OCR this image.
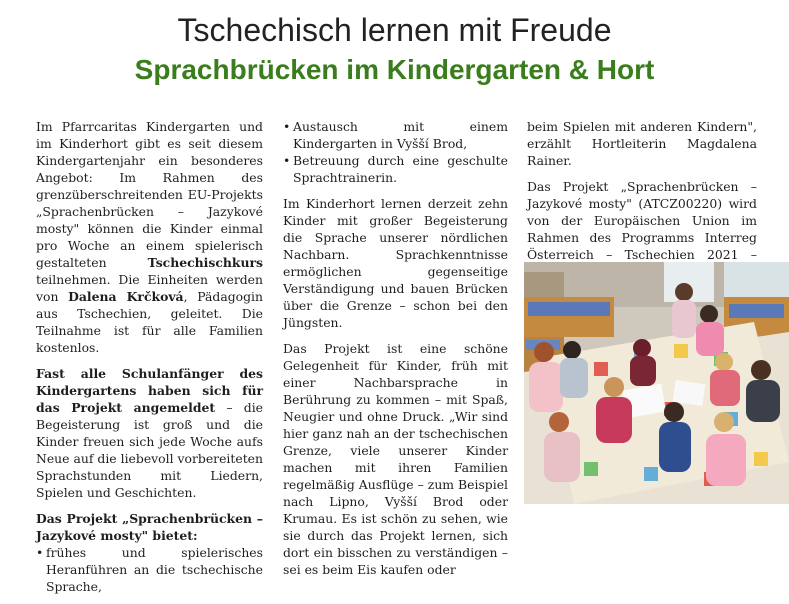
Tschechisch lernen mit Freude
Sprachbrücken im Kindergarten & Hort

Im Pfarrcaritas Kindergarten und im Kinderhort gibt es seit diesem Kindergartenjahr ein besonderes Angebot: Im Rahmen des grenzüberschreitenden EU-Projekts „Sprachenbrücken – Jazykové mosty" können die Kinder einmal pro Woche an einem spielerisch gestalteten Tschechischkurs teilnehmen. Die Einheiten werden von Dalena Krčková, Pädagogin aus Tschechien, geleitet. Die Teilnahme ist für alle Familien kostenlos.

Fast alle Schulanfänger des Kindergartens haben sich für das Projekt angemeldet – die Begeisterung ist groß und die Kinder freuen sich jede Woche aufs Neue auf die liebevoll vorbereiteten Sprachstunden mit Liedern, Spielen und Geschichten.

Das Projekt „Sprachenbrücken – Jazykové mosty" bietet:

• frühes und spielerisches Heranführen an die tschechische Sprache,
• Austausch mit einem Kindergarten in Vyšší Brod,
• Betreuung durch eine geschulte Sprachtrainerin.

Im Kinderhort lernen derzeit zehn Kinder mit großer Begeisterung die Sprache unserer nördlichen Nachbarn. Sprachkenntnisse ermöglichen gegenseitige Verständigung und bauen Brücken über die Grenze – schon bei den Jüngsten.

Das Projekt ist eine schöne Gelegenheit für Kinder, früh mit einer Nachbarsprache in Berührung zu kommen – mit Spaß, Neugier und ohne Druck. „Wir sind hier ganz nah an der tschechischen Grenze, viele unserer Kinder machen mit ihren Familien regelmäßig Ausflüge – zum Beispiel nach Lipno, Vyšší Brod oder Krumau. Es ist schön zu sehen, wie sie durch das Projekt lernen, sich dort ein bisschen zu verständigen – sei es beim Eis kaufen oder

beim Spielen mit anderen Kindern", erzählt Hortleiterin Magdalena Rainer.

Das Projekt „Sprachenbrücken – Jazykové mosty" (ATCZ00220) wird von der Europäischen Union im Rahmen des Programms Interreg Österreich – Tschechien 2021 –
